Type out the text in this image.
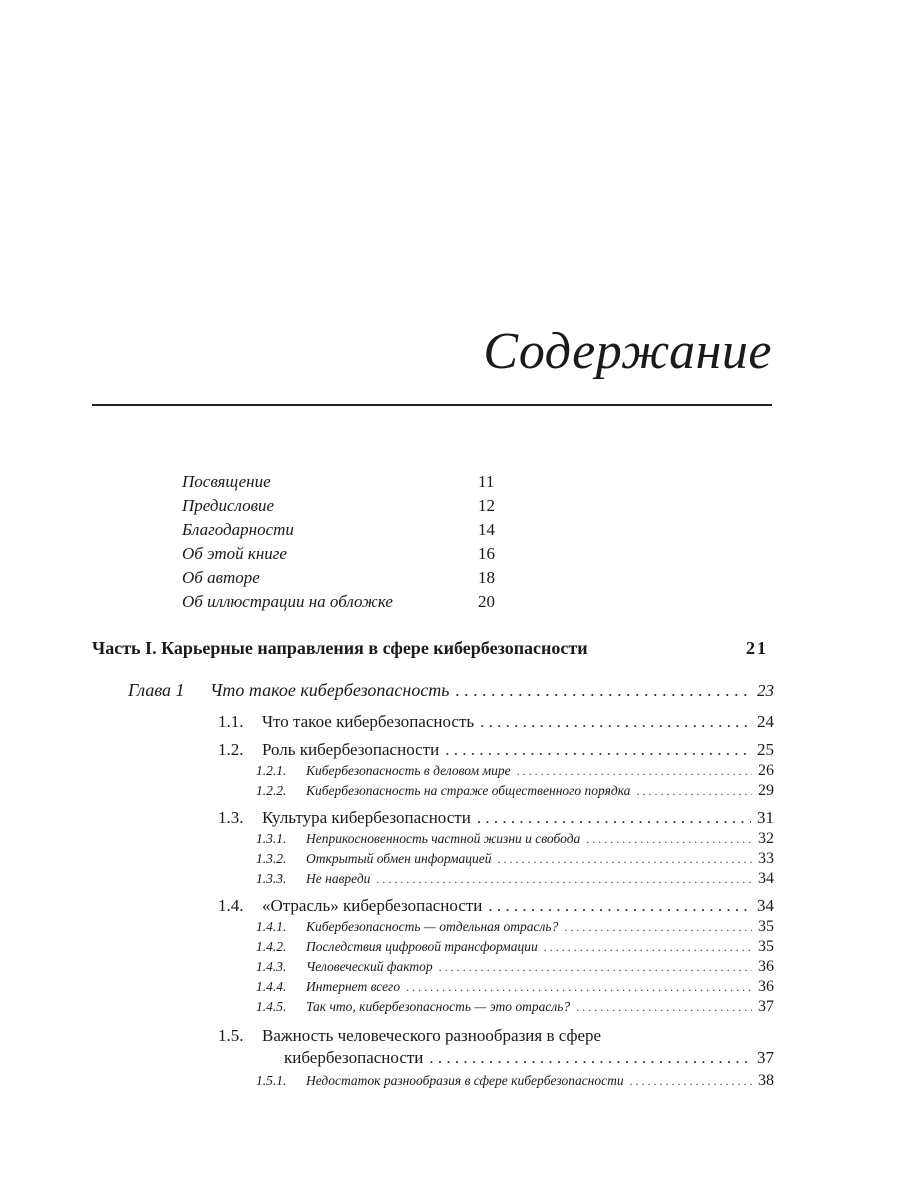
Содержание
Посвящение	11
Предисловие	12
Благодарности	14
Об этой книге	16
Об авторе	18
Об иллюстрации на обложке	20
Часть I. Карьерные направления в сфере кибербезопасности	21
Глава 1	Что такое кибербезопасность . . .	23
1.1.	Что такое кибербезопасность . . .	24
1.2.	Роль кибербезопасности . . .	25
1.2.1.	Кибербезопасность в деловом мире . . .	26
1.2.2.	Кибербезопасность на страже общественного порядка . . .	29
1.3.	Культура кибербезопасности . . .	31
1.3.1.	Неприкосновенность частной жизни и свобода . . .	32
1.3.2.	Открытый обмен информацией . . .	33
1.3.3.	Не навреди . . .	34
1.4.	«Отрасль» кибербезопасности . . .	34
1.4.1.	Кибербезопасность — отдельная отрасль? . . .	35
1.4.2.	Последствия цифровой трансформации . . .	35
1.4.3.	Человеческий фактор . . .	36
1.4.4.	Интернет всего . . .	36
1.4.5.	Так что, кибербезопасность — это отрасль? . . .	37
1.5.	Важность человеческого разнообразия в сфере
кибербезопасности . . .	37
1.5.1.	Недостаток разнообразия в сфере кибербезопасности . . .	38
